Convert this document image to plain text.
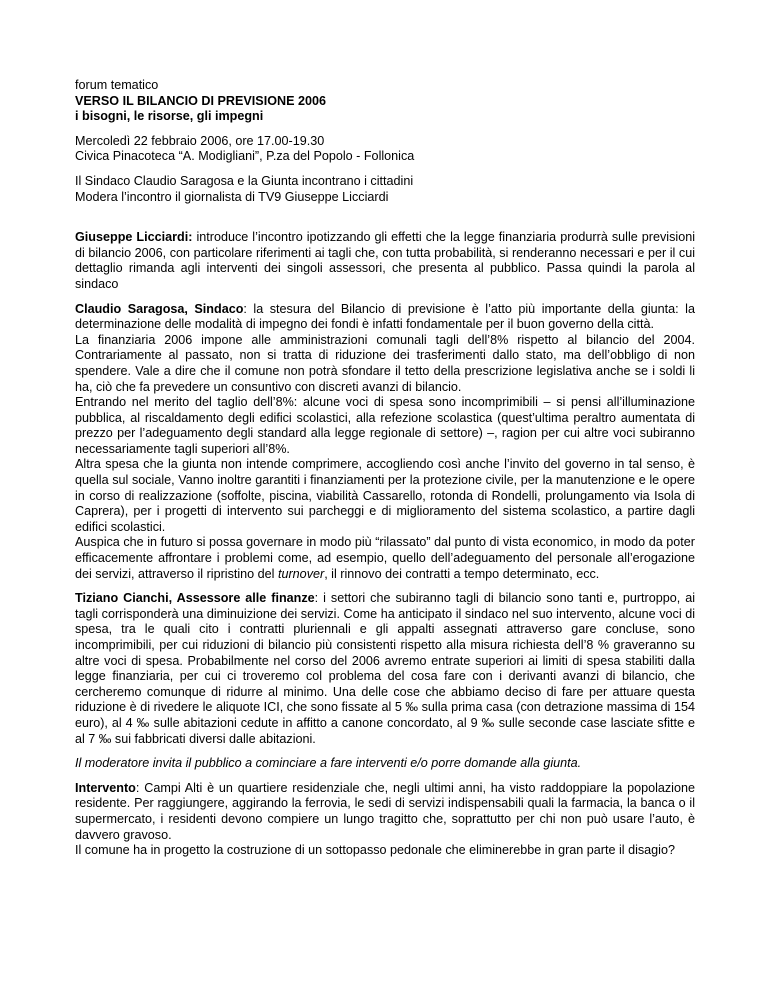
forum tematico

VERSO IL BILANCIO DI PREVISIONE 2006

i bisogni, le risorse, gli impegni

Mercoledì 22 febbraio 2006, ore 17.00-19.30

Civica Pinacoteca “A. Modigliani”, P.za del Popolo - Follonica

Il Sindaco Claudio Saragosa e la Giunta incontrano i cittadini

Modera l’incontro il giornalista di TV9 Giuseppe Licciardi

Giuseppe Licciardi: introduce l’incontro ipotizzando gli effetti che la legge finanziaria produrrà sulle previsioni di bilancio 2006, con particolare riferimenti ai tagli che, con tutta probabilità, si renderanno necessari e per il cui dettaglio rimanda agli interventi dei singoli assessori, che presenta al pubblico. Passa quindi la parola al sindaco

Claudio Saragosa, Sindaco: la stesura del Bilancio di previsione è l’atto più importante della giunta: la determinazione delle modalità di impegno dei fondi è infatti fondamentale per il buon governo della città.

La finanziaria 2006 impone alle amministrazioni comunali tagli dell’8% rispetto al bilancio del 2004. Contrariamente al passato, non si tratta di riduzione dei trasferimenti dallo stato, ma dell’obbligo di non spendere. Vale a dire che il comune non potrà sfondare il tetto della prescrizione legislativa anche se i soldi li ha, ciò che fa prevedere un consuntivo con discreti avanzi di bilancio.

Entrando nel merito del taglio dell’8%: alcune voci di spesa sono incomprimibili – si pensi all’illuminazione pubblica, al riscaldamento degli edifici scolastici, alla refezione scolastica (quest’ultima peraltro aumentata di prezzo per l’adeguamento degli standard alla legge regionale di settore) –, ragion per cui altre voci subiranno necessariamente tagli superiori all’8%.

Altra spesa che la giunta non intende comprimere, accogliendo così anche l’invito del governo in tal senso, è quella sul sociale, Vanno inoltre garantiti i finanziamenti per la protezione civile, per la manutenzione e le opere in corso di realizzazione (soffolte, piscina, viabilità Cassarello, rotonda di Rondelli, prolungamento via Isola di Caprera), per i progetti di intervento sui parcheggi e di miglioramento del sistema scolastico, a partire dagli edifici scolastici.

Auspica che in futuro si possa governare in modo più “rilassato” dal punto di vista economico, in modo da poter efficacemente affrontare i problemi come, ad esempio, quello dell’adeguamento del personale all’erogazione dei servizi, attraverso il ripristino del turnover, il rinnovo dei contratti a tempo determinato, ecc.

Tiziano Cianchi, Assessore alle finanze: i settori che subiranno tagli di bilancio sono tanti e, purtroppo, ai tagli corrisponderà una diminuizione dei servizi. Come ha anticipato il sindaco nel suo intervento, alcune voci di spesa, tra le quali cito i contratti pluriennali e gli appalti assegnati attraverso gare concluse, sono incomprimibili, per cui riduzioni di bilancio più consistenti rispetto alla misura richiesta dell’8 % graveranno su altre voci di spesa. Probabilmente nel corso del 2006 avremo entrate superiori ai limiti di spesa stabiliti dalla legge finanziaria, per cui ci troveremo col problema del cosa fare con i derivanti avanzi di bilancio, che cercheremo comunque di ridurre al minimo. Una delle cose che abbiamo deciso di fare per attuare questa riduzione è di rivedere le aliquote ICI, che sono fissate al 5 ‰ sulla prima casa (con detrazione massima di 154 euro), al 4 ‰ sulle abitazioni cedute in affitto a canone concordato, al 9 ‰ sulle seconde case lasciate sfitte e al 7 ‰ sui fabbricati diversi dalle abitazioni.

Il moderatore invita il pubblico a cominciare a fare interventi e/o porre domande alla giunta.

Intervento: Campi Alti è un quartiere residenziale che, negli ultimi anni, ha visto raddoppiare la popolazione residente. Per raggiungere, aggirando la ferrovia, le sedi di servizi indispensabili quali la farmacia, la banca o il supermercato, i residenti devono compiere un lungo tragitto che, soprattutto per chi non può usare l’auto, è davvero gravoso.

Il comune ha in progetto la costruzione di un sottopasso pedonale che eliminerebbe in gran parte il disagio?
